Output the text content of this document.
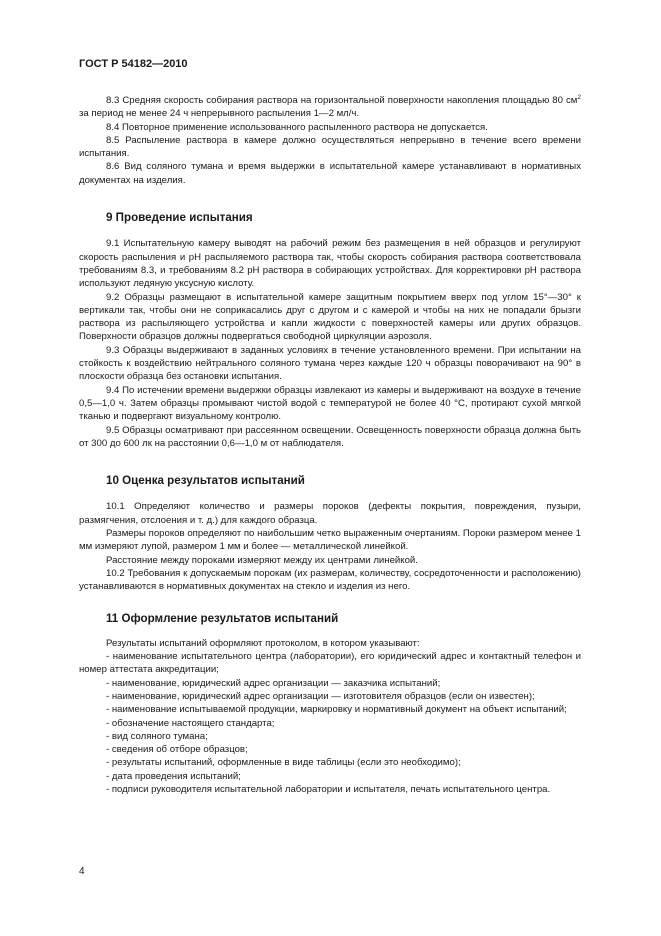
ГОСТ Р 54182—2010

8.3 Средняя скорость собирания раствора на горизонтальной поверхности накопления площадью 80 $см^2$ за период не менее 24 ч непрерывного распыления 1—2 мл/ч.

8.4 Повторное применение использованного распыленного раствора не допускается.

8.5 Распыление раствора в камере должно осуществляться непрерывно в течение всего времени испытания.

8.6 Вид соляного тумана и время выдержки в испытательной камере устанавливают в нормативных документах на изделия.

9 Проведение испытания

9.1 Испытательную камеру выводят на рабочий режим без размещения в ней образцов и регулируют скорость распыления и pH распыляемого раствора так, чтобы скорость собирания раствора соответствовала требованиям 8.3, и требованиям 8.2 pH раствора в собирающих устройствах. Для корректировки pH раствора используют ледяную уксусную кислоту.

9.2 Образцы размещают в испытательной камере защитным покрытием вверх под углом 15°—30° к вертикали так, чтобы они не соприкасались друг с другом и с камерой и чтобы на них не попадали брызги раствора из распыляющего устройства и капли жидкости с поверхностей камеры или других образцов. Поверхности образцов должны подвергаться свободной циркуляции аэрозоля.

9.3 Образцы выдерживают в заданных условиях в течение установленного времени. При испытании на стойкость к воздействию нейтрального соляного тумана через каждые 120 ч образцы поворачивают на 90° в плоскости образца без остановки испытания.

9.4 По истечении времени выдержки образцы извлекают из камеры и выдерживают на воздухе в течение 0,5—1,0 ч. Затем образцы промывают чистой водой с температурой не более 40 °С, протирают сухой мягкой тканью и подвергают визуальному контролю.

9.5 Образцы осматривают при рассеянном освещении. Освещенность поверхности образца должна быть от 300 до 600 лк на расстоянии 0,6—1,0 м от наблюдателя.

10 Оценка результатов испытаний

10.1 Определяют количество и размеры пороков (дефекты покрытия, повреждения, пузыри, размягчения, отслоения и т. д.) для каждого образца.

Размеры пороков определяют по наибольшим четко выраженным очертаниям. Пороки размером менее 1 мм измеряют лупой, размером 1 мм и более — металлической линейкой.

Расстояние между пороками измеряют между их центрами линейкой.

10.2 Требования к допускаемым порокам (их размерам, количеству, сосредоточенности и расположению) устанавливаются в нормативных документах на стекло и изделия из него.

11 Оформление результатов испытаний

Результаты испытаний оформляют протоколом, в котором указывают:

- наименование испытательного центра (лаборатории), его юридический адрес и контактный телефон и номер аттестата аккредитации;

- наименование, юридический адрес организации — заказчика испытаний;

- наименование, юридический адрес организации — изготовителя образцов (если он известен);

- наименование испытываемой продукции, маркировку и нормативный документ на объект испытаний;

- обозначение настоящего стандарта;

- вид соляного тумана;

- сведения об отборе образцов;

- результаты испытаний, оформленные в виде таблицы (если это необходимо);

- дата проведения испытаний;

- подписи руководителя испытательной лаборатории и испытателя, печать испытательного центра.

4
